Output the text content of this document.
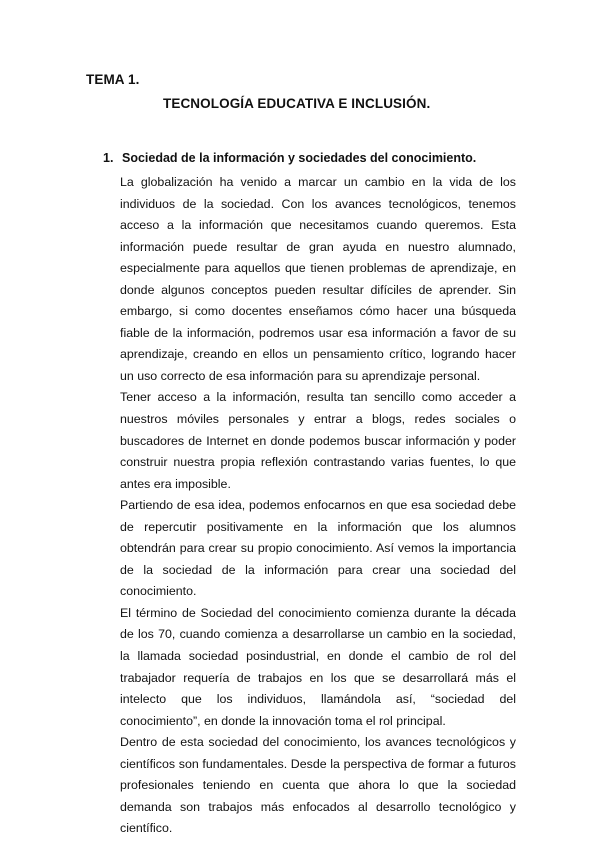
TEMA 1.
TECNOLOGÍA EDUCATIVA E INCLUSIÓN.
1. Sociedad de la información y sociedades del conocimiento.

La globalización ha venido a marcar un cambio en la vida de los individuos de la sociedad. Con los avances tecnológicos, tenemos acceso a la información que necesitamos cuando queremos. Esta información puede resultar de gran ayuda en nuestro alumnado, especialmente para aquellos que tienen problemas de aprendizaje, en donde algunos conceptos pueden resultar difíciles de aprender. Sin embargo, si como docentes enseñamos cómo hacer una búsqueda fiable de la información, podremos usar esa información a favor de su aprendizaje, creando en ellos un pensamiento crítico, logrando hacer un uso correcto de esa información para su aprendizaje personal.

Tener acceso a la información, resulta tan sencillo como acceder a nuestros móviles personales y entrar a blogs, redes sociales o buscadores de Internet en donde podemos buscar información y poder construir nuestra propia reflexión contrastando varias fuentes, lo que antes era imposible.

Partiendo de esa idea, podemos enfocarnos en que esa sociedad debe de repercutir positivamente en la información que los alumnos obtendrán para crear su propio conocimiento. Así vemos la importancia de la sociedad de la información para crear una sociedad del conocimiento.

El término de Sociedad del conocimiento comienza durante la década de los 70, cuando comienza a desarrollarse un cambio en la sociedad, la llamada sociedad posindustrial, en donde el cambio de rol del trabajador requería de trabajos en los que se desarrollará más el intelecto que los individuos, llamándola así, “sociedad del conocimiento”, en donde la innovación toma el rol principal.

Dentro de esta sociedad del conocimiento, los avances tecnológicos y científicos son fundamentales. Desde la perspectiva de formar a futuros profesionales teniendo en cuenta que ahora lo que la sociedad demanda son trabajos más enfocados al desarrollo tecnológico y científico.
